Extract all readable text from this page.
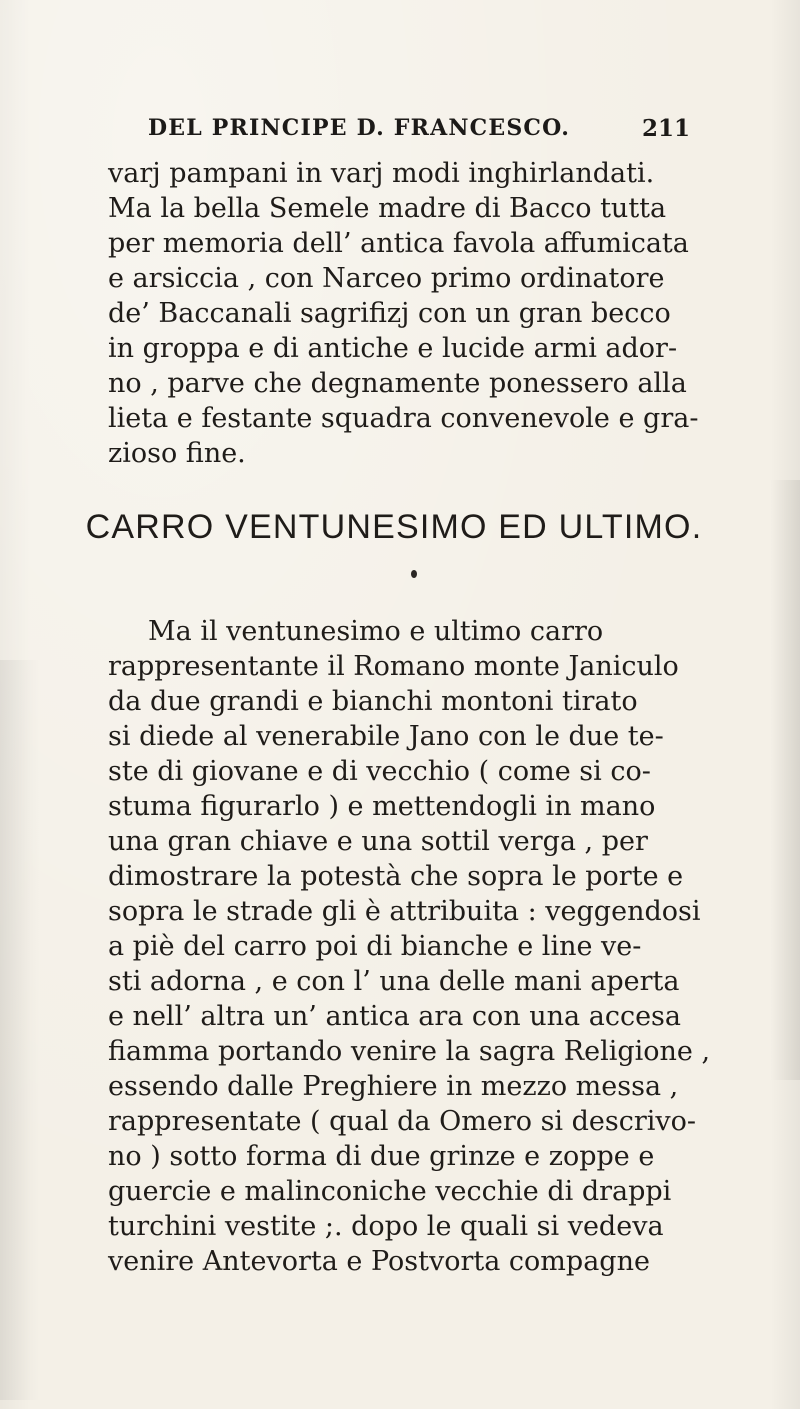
DEL PRINCIPE D. FRANCESCO.	211
varj pampani in varj modi inghirlandati.
Ma la bella Semele madre di Bacco tutta
per memoria dell’ antica favola affumicata
e arsiccia , con Narceo primo ordinatore
de’ Baccanali sagrifizj con un gran becco
in groppa e di antiche e lucide armi ador-
no , parve che degnamente ponessero alla
lieta e festante squadra convenevole e gra-
zioso fine.
CARRO VENTUNESIMO ED ULTIMO.
Ma il ventunesimo e ultimo carro
rappresentante il Romano monte Janiculo
da due grandi e bianchi montoni tirato
si diede al venerabile Jano con le due te-
ste di giovane e di vecchio ( come si co-
stuma figurarlo ) e mettendogli in mano
una gran chiave e una sottil verga , per
dimostrare la potestà che sopra le porte e
sopra le strade gli è attribuita : veggendosi
a piè del carro poi di bianche e line ve-
sti adorna , e con l’ una delle mani aperta
e nell’ altra un’ antica ara con una accesa
fiamma portando venire la sagra Religione ,
essendo dalle Preghiere in mezzo messa ,
rappresentate ( qual da Omero si descrivo-
no ) sotto forma di due grinze e zoppe e
guercie e malinconiche vecchie di drappi
turchini vestite ;. dopo le quali si vedeva
venire Antevorta e Postvorta compagne
